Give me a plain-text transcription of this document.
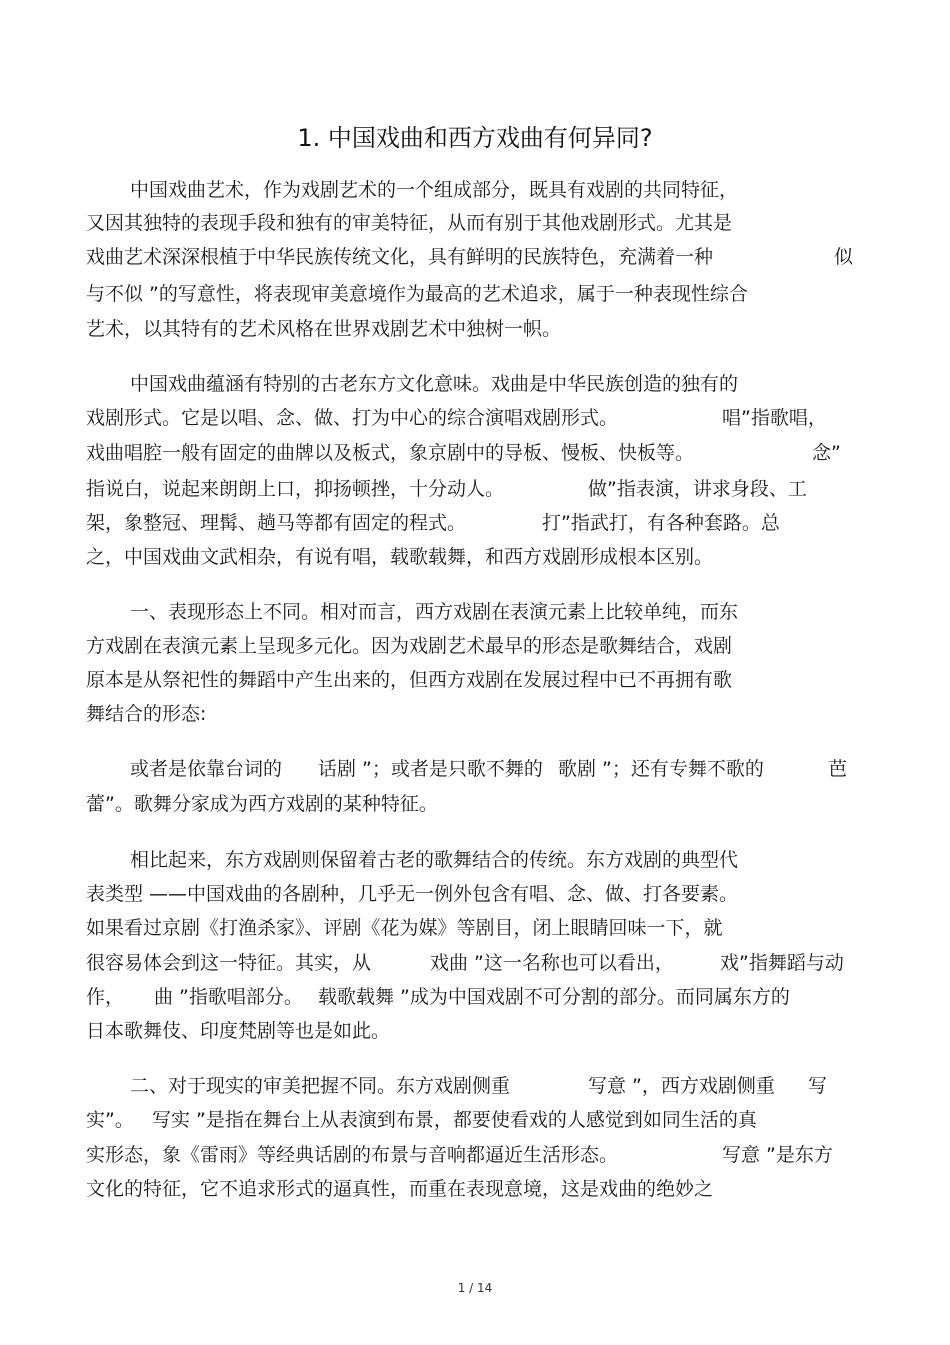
1. 中国戏曲和西方戏曲有何异同?
中国戏曲艺术，作为戏剧艺术的一个组成部分，既具有戏剧的共同特征，
又因其独特的表现手段和独有的审美特征，从而有别于其他戏剧形式。尤其是
戏曲艺术深深根植于中华民族传统文化，具有鲜明的民族特色，充满着一种	似
与不似 ”的写意性，将表现审美意境作为最高的艺术追求，属于一种表现性综合
艺术，以其特有的艺术风格在世界戏剧艺术中独树一帜。
中国戏曲蕴涵有特别的古老东方文化意味。戏曲是中华民族创造的独有的
戏剧形式。它是以唱、念、做、打为中心的综合演唱戏剧形式。	唱”指歌唱，
戏曲唱腔一般有固定的曲牌以及板式，象京剧中的导板、慢板、快板等。	念”
指说白，说起来朗朗上口，抑扬顿挫，十分动人。	做”指表演，讲求身段、工
架，象整冠、理髯、趟马等都有固定的程式。	打”指武打，有各种套路。总
之，中国戏曲文武相杂，有说有唱，载歌载舞，和西方戏剧形成根本区别。
一、表现形态上不同。相对而言，西方戏剧在表演元素上比较单纯，而东
方戏剧在表演元素上呈现多元化。因为戏剧艺术最早的形态是歌舞结合，戏剧
原本是从祭祀性的舞蹈中产生出来的，但西方戏剧在发展过程中已不再拥有歌
舞结合的形态:
或者是依靠台词的 话剧 ”；或者是只歌不舞的 歌剧 ”；还有专舞不歌的	芭
蕾”。歌舞分家成为西方戏剧的某种特征。
相比起来，东方戏剧则保留着古老的歌舞结合的传统。东方戏剧的典型代
表类型 ——中国戏曲的各剧种，几乎无一例外包含有唱、念、做、打各要素。
如果看过京剧《打渔杀家》、评剧《花为媒》等剧目，闭上眼睛回味一下，就
很容易体会到这一特征。其实，从	戏曲 ”这一名称也可以看出， 戏”指舞蹈与动
作， 曲 ”指歌唱部分。 载歌载舞 ”成为中国戏剧不可分割的部分。而同属东方的
日本歌舞伎、印度梵剧等也是如此。
二、对于现实的审美把握不同。东方戏剧侧重	写意 ”，西方戏剧侧重 写
实”。 写实 ”是指在舞台上从表演到布景，都要使看戏的人感觉到如同生活的真
实形态，象《雷雨》等经典话剧的布景与音响都逼近生活形态。	写意 ”是东方
文化的特征，它不追求形式的逼真性，而重在表现意境，这是戏曲的绝妙之
1 / 14
